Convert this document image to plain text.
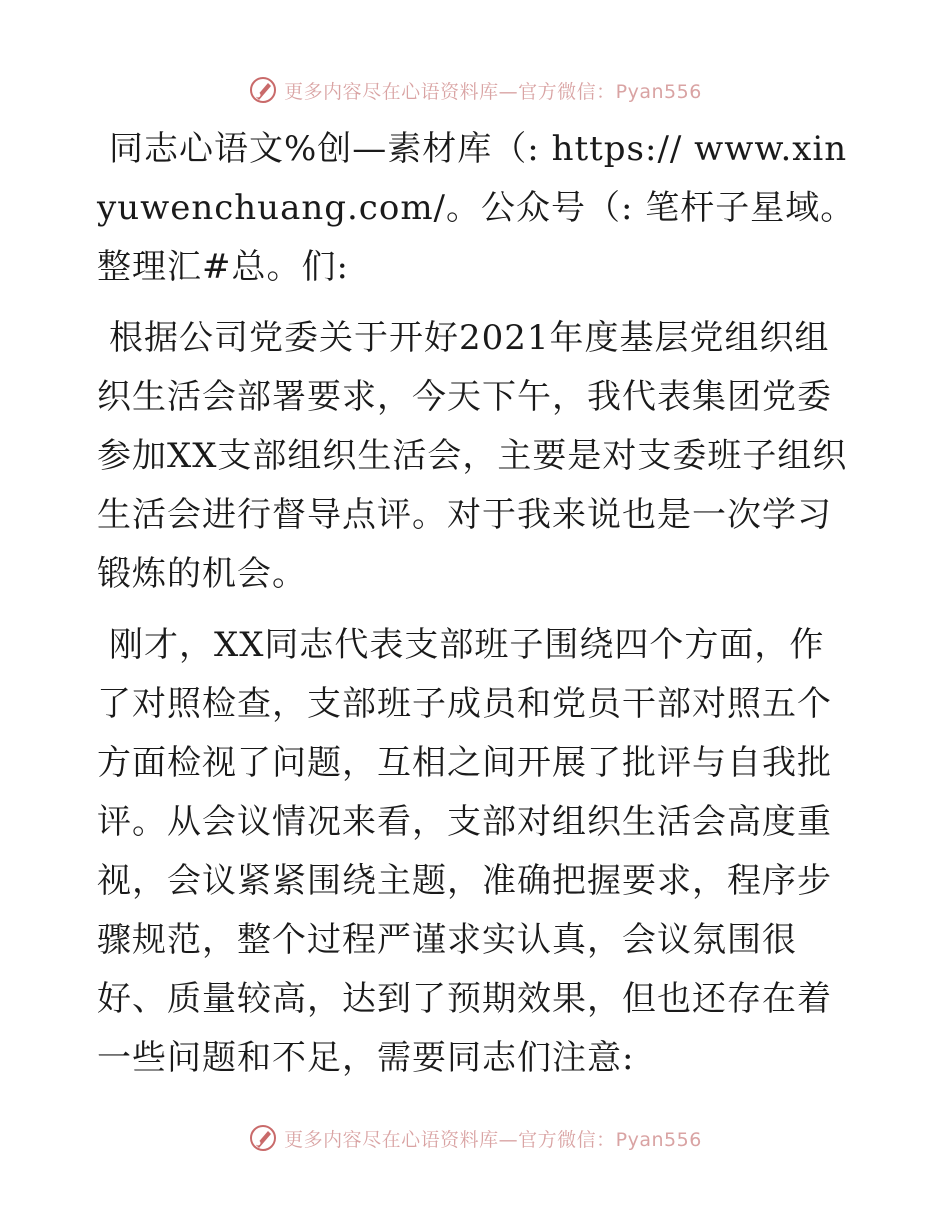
更多内容尽在心语资料库—官方微信：Pyan556

同志心语文%创—素材库（: https:// www.xinyuwenchuang.com/。公众号（: 笔杆子星域。整理汇#总。们:

根据公司党委关于开好2021年度基层党组织组织生活会部署要求，今天下午，我代表集团党委参加XX支部组织生活会，主要是对支委班子组织生活会进行督导点评。对于我来说也是一次学习锻炼的机会。

刚才，XX同志代表支部班子围绕四个方面，作了对照检查，支部班子成员和党员干部对照五个方面检视了问题，互相之间开展了批评与自我批评。从会议情况来看，支部对组织生活会高度重视，会议紧紧围绕主题，准确把握要求，程序步骤规范，整个过程严谨求实认真，会议氛围很好、质量较高，达到了预期效果，但也还存在着一些问题和不足，需要同志们注意:

更多内容尽在心语资料库—官方微信：Pyan556
